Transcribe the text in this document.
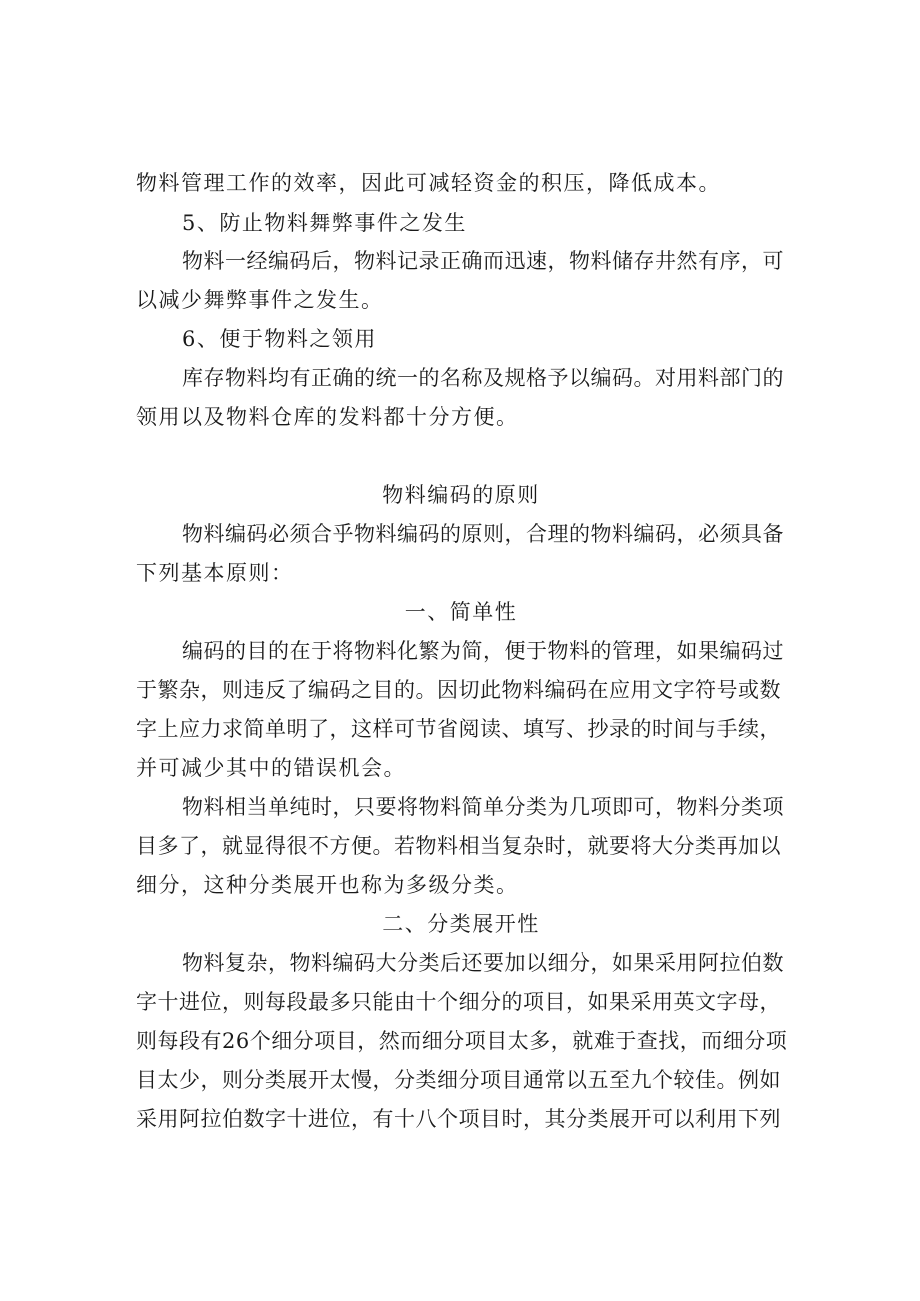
物料管理工作的效率，因此可减轻资金的积压，降低成本。
5、防止物料舞弊事件之发生
物料一经编码后，物料记录正确而迅速，物料储存井然有序，可
以减少舞弊事件之发生。
6、便于物料之领用
库存物料均有正确的统一的名称及规格予以编码。对用料部门的
领用以及物料仓库的发料都十分方便。
物料编码的原则
物料编码必须合乎物料编码的原则，合理的物料编码，必须具备
下列基本原则：
一、简单性
编码的目的在于将物料化繁为简，便于物料的管理，如果编码过
于繁杂，则违反了编码之目的。因切此物料编码在应用文字符号或数
字上应力求简单明了，这样可节省阅读、填写、抄录的时间与手续，
并可减少其中的错误机会。
物料相当单纯时，只要将物料简单分类为几项即可，物料分类项
目多了，就显得很不方便。若物料相当复杂时，就要将大分类再加以
细分，这种分类展开也称为多级分类。
二、分类展开性
物料复杂，物料编码大分类后还要加以细分，如果采用阿拉伯数
字十进位，则每段最多只能由十个细分的项目，如果采用英文字母，
则每段有26个细分项目，然而细分项目太多，就难于查找，而细分项
目太少，则分类展开太慢，分类细分项目通常以五至九个较佳。例如
采用阿拉伯数字十进位，有十八个项目时，其分类展开可以利用下列
